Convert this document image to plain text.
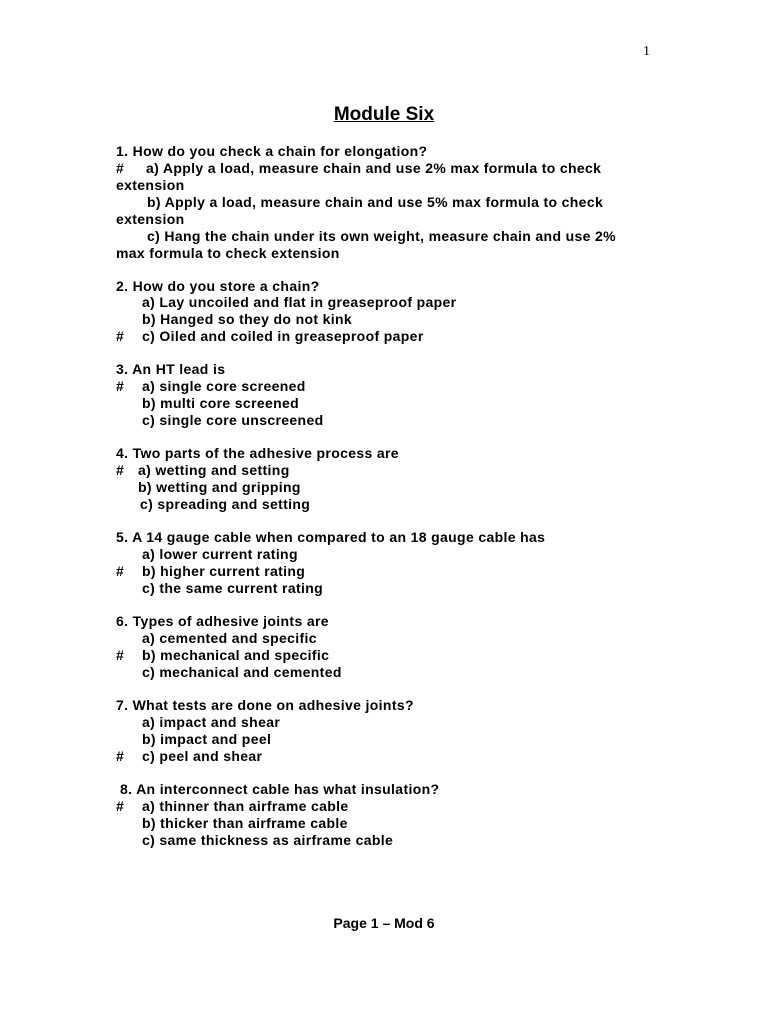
1
Module Six
1. How do you check a chain for elongation?
# a) Apply a load, measure chain and use 2% max formula to check
extension
b) Apply a load, measure chain and use 5% max formula to check
extension
c) Hang the chain under its own weight, measure chain and use 2%
max formula to check extension
2. How do you store a chain?
a) Lay uncoiled and flat in greaseproof paper
b) Hanged so they do not kink
# c) Oiled and coiled in greaseproof paper
3. An HT lead is
# a) single core screened
b) multi core screened
c) single core unscreened
4. Two parts of the adhesive process are
# a) wetting and setting
b) wetting and gripping
c) spreading and setting
5. A 14 gauge cable when compared to an 18 gauge cable has
a) lower current rating
# b) higher current rating
c) the same current rating
6. Types of adhesive joints are
a) cemented and specific
# b) mechanical and specific
c) mechanical and cemented
7. What tests are done on adhesive joints?
a) impact and shear
b) impact and peel
# c) peel and shear
8. An interconnect cable has what insulation?
# a) thinner than airframe cable
b) thicker than airframe cable
c) same thickness as airframe cable
Page 1 – Mod 6
